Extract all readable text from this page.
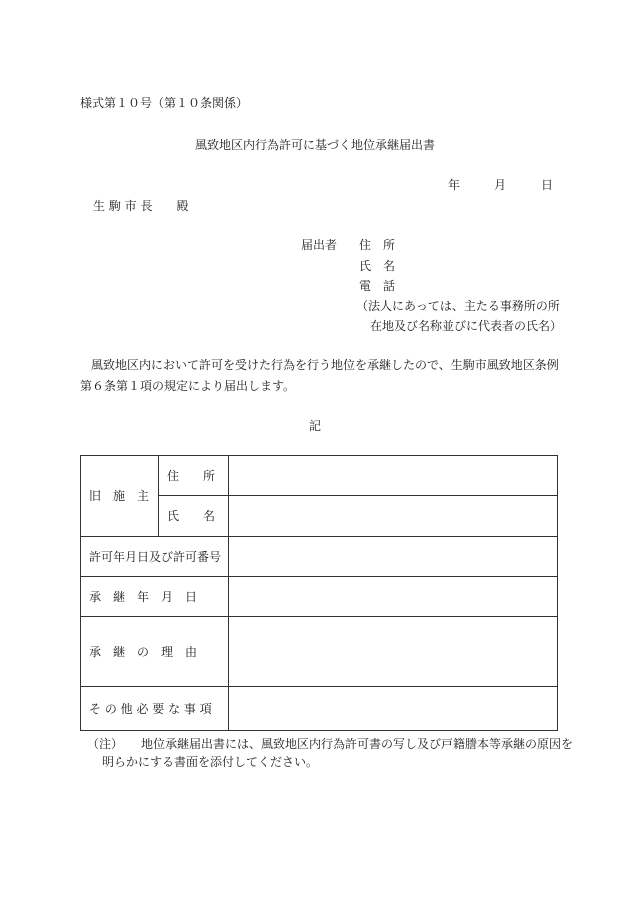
様式第１０号（第１０条関係）
風致地区内行為許可に基づく地位承継届出書
年	月	日
生 駒 市 長　　殿
届出者 住　所
氏　名
電　話
（法人にあっては、主たる事務所の所
在地及び名称並びに代表者の氏名）
風致地区内において許可を受けた行為を行う地位を承継したので、生駒市風致地区条例
第６条第１項の規定により届出します。
記
旧　施　主	住　　所	
	氏　　名	
許可年月日及び許可番号		
承　継　年　月　日		
承　継　の　理　由		
そ の 他 必 要 な 事 項		
（注） 地位承継届出書には、風致地区内行為許可書の写し及び戸籍謄本等承継の原因を
明らかにする書面を添付してください。
